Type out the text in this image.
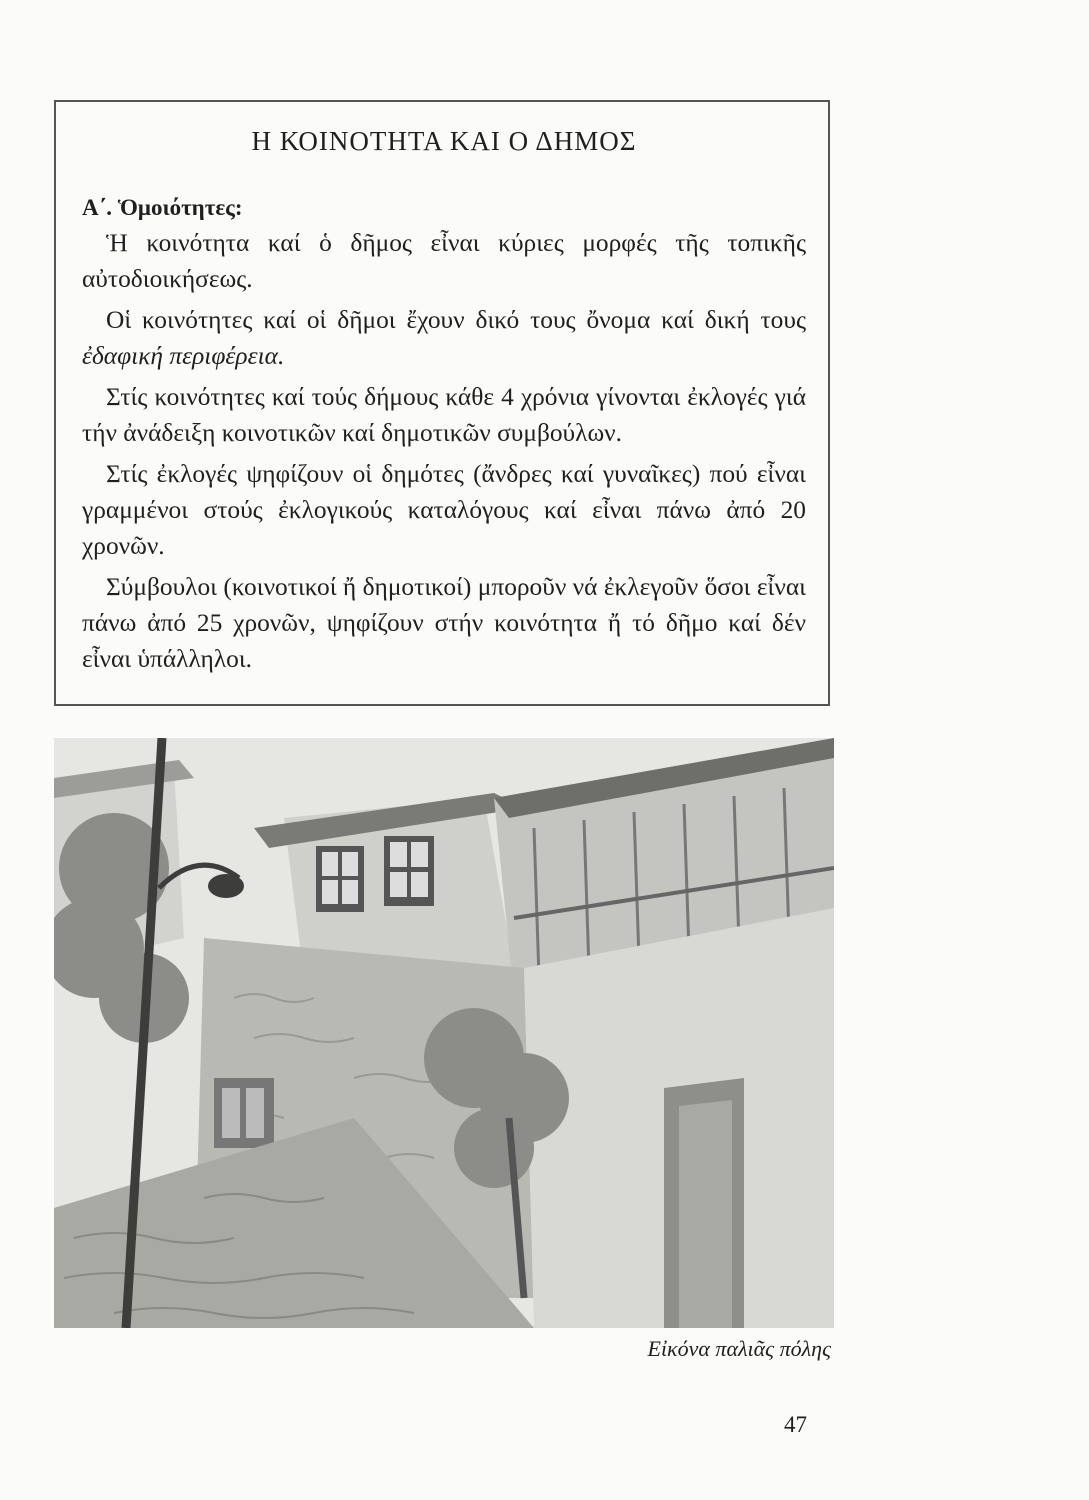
Η ΚΟΙΝΟΤΗΤΑ ΚΑΙ Ο ΔΗΜΟΣ
Α΄. Ὁμοιότητες:

Ἡ κοινότητα καί ὁ δῆμος εἶναι κύριες μορφές τῆς τοπικῆς αὐτοδιοικήσεως.

Οἱ κοινότητες καί οἱ δῆμοι ἔχουν δικό τους ὄνομα καί δική τους ἐδαφική περιφέρεια.

Στίς κοινότητες καί τούς δήμους κάθε 4 χρόνια γίνονται ἐκλογές γιά τήν ἀνάδειξη κοινοτικῶν καί δημοτικῶν συμβούλων.

Στίς ἐκλογές ψηφίζουν οἱ δημότες (ἄνδρες καί γυναῖκες) πού εἶναι γραμμένοι στούς ἐκλογικούς καταλόγους καί εἶναι πάνω ἀπό 20 χρονῶν.

Σύμβουλοι (κοινοτικοί ἤ δημοτικοί) μποροῦν νά ἐκλεγοῦν ὅσοι εἶναι πάνω ἀπό 25 χρονῶν, ψηφίζουν στήν κοινότητα ἤ τό δῆμο καί δέν εἶναι ὑπάλληλοι.

Εἰκόνα παλιᾶς πόλης
47
